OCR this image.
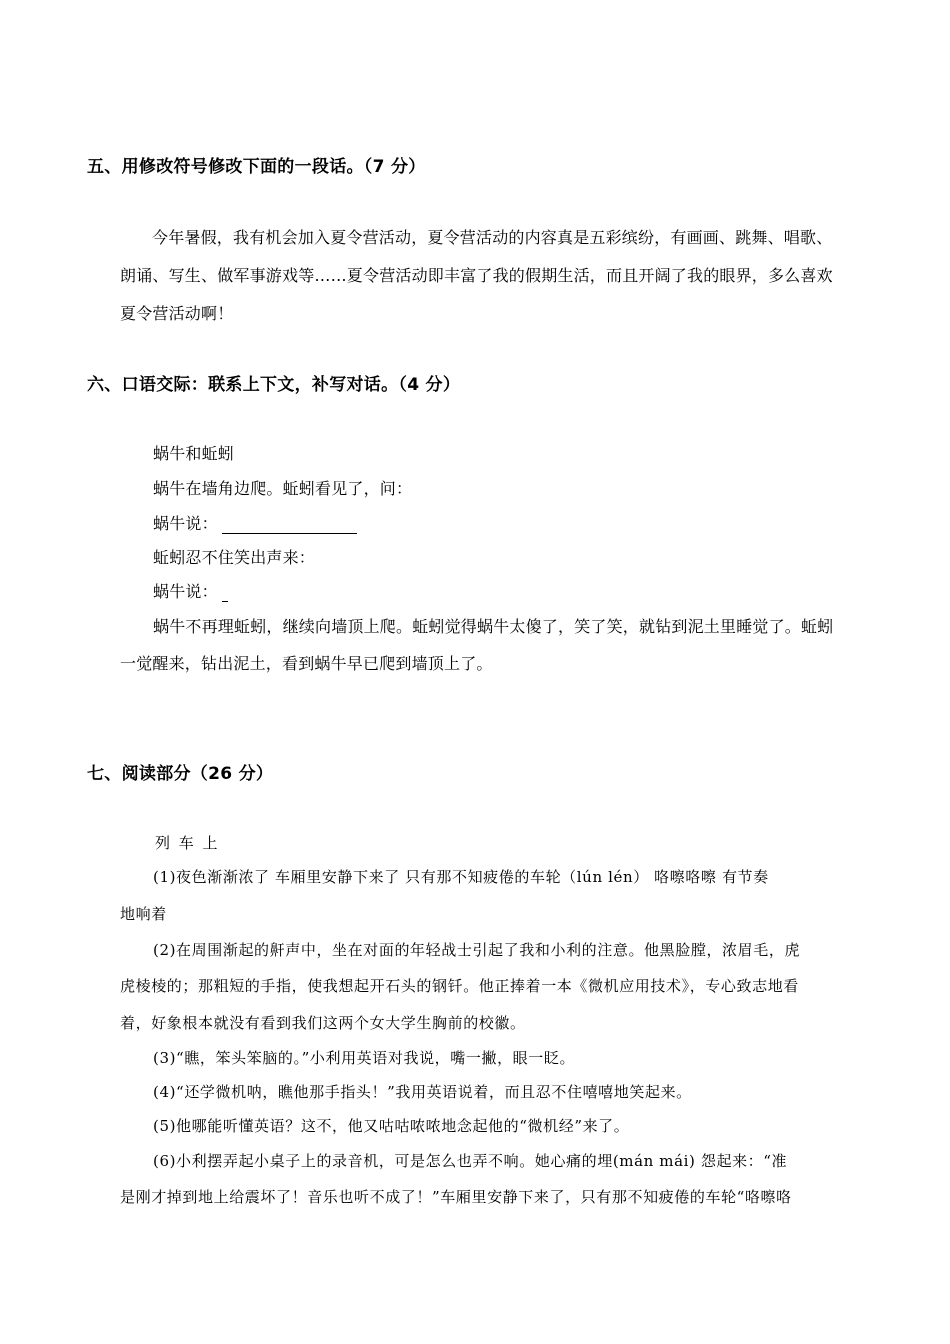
五、用修改符号修改下面的一段话。（7 分）
今年暑假，我有机会加入夏令营活动，夏令营活动的内容真是五彩缤纷，有画画、跳舞、唱歌、
朗诵、写生、做军事游戏等……夏令营活动即丰富了我的假期生活，而且开阔了我的眼界，多么喜欢
夏令营活动啊！
六、口语交际：联系上下文，补写对话。（4 分）
蜗牛和蚯蚓
蜗牛在墙角边爬。蚯蚓看见了，问：
蜗牛说：
蚯蚓忍不住笑出声来：
蜗牛说：
蜗牛不再理蚯蚓，继续向墙顶上爬。蚯蚓觉得蜗牛太傻了，笑了笑，就钻到泥土里睡觉了。蚯蚓
一觉醒来，钻出泥土，看到蜗牛早已爬到墙顶上了。
七、阅读部分（26 分）
列 车 上
(1)夜色渐渐浓了 车厢里安静下来了 只有那不知疲倦的车轮（lún lén） 咯嚓咯嚓 有节奏
地响着
(2)在周围渐起的鼾声中，坐在对面的年轻战士引起了我和小利的注意。他黑脸膛，浓眉毛，虎
虎棱棱的；那粗短的手指，使我想起开石头的钢钎。他正捧着一本《微机应用技术》，专心致志地看
着，好象根本就没有看到我们这两个女大学生胸前的校徽。
(3)“瞧，笨头笨脑的。”小利用英语对我说，嘴一撇，眼一眨。
(4)“还学微机呐，瞧他那手指头！”我用英语说着，而且忍不住嘻嘻地笑起来。
(5)他哪能听懂英语？这不，他又咕咕哝哝地念起他的“微机经”来了。
(6)小利摆弄起小桌子上的录音机，可是怎么也弄不响。她心痛的埋(mán mái) 怨起来：“准
是刚才掉到地上给震坏了！音乐也听不成了！”车厢里安静下来了，只有那不知疲倦的车轮“咯嚓咯
